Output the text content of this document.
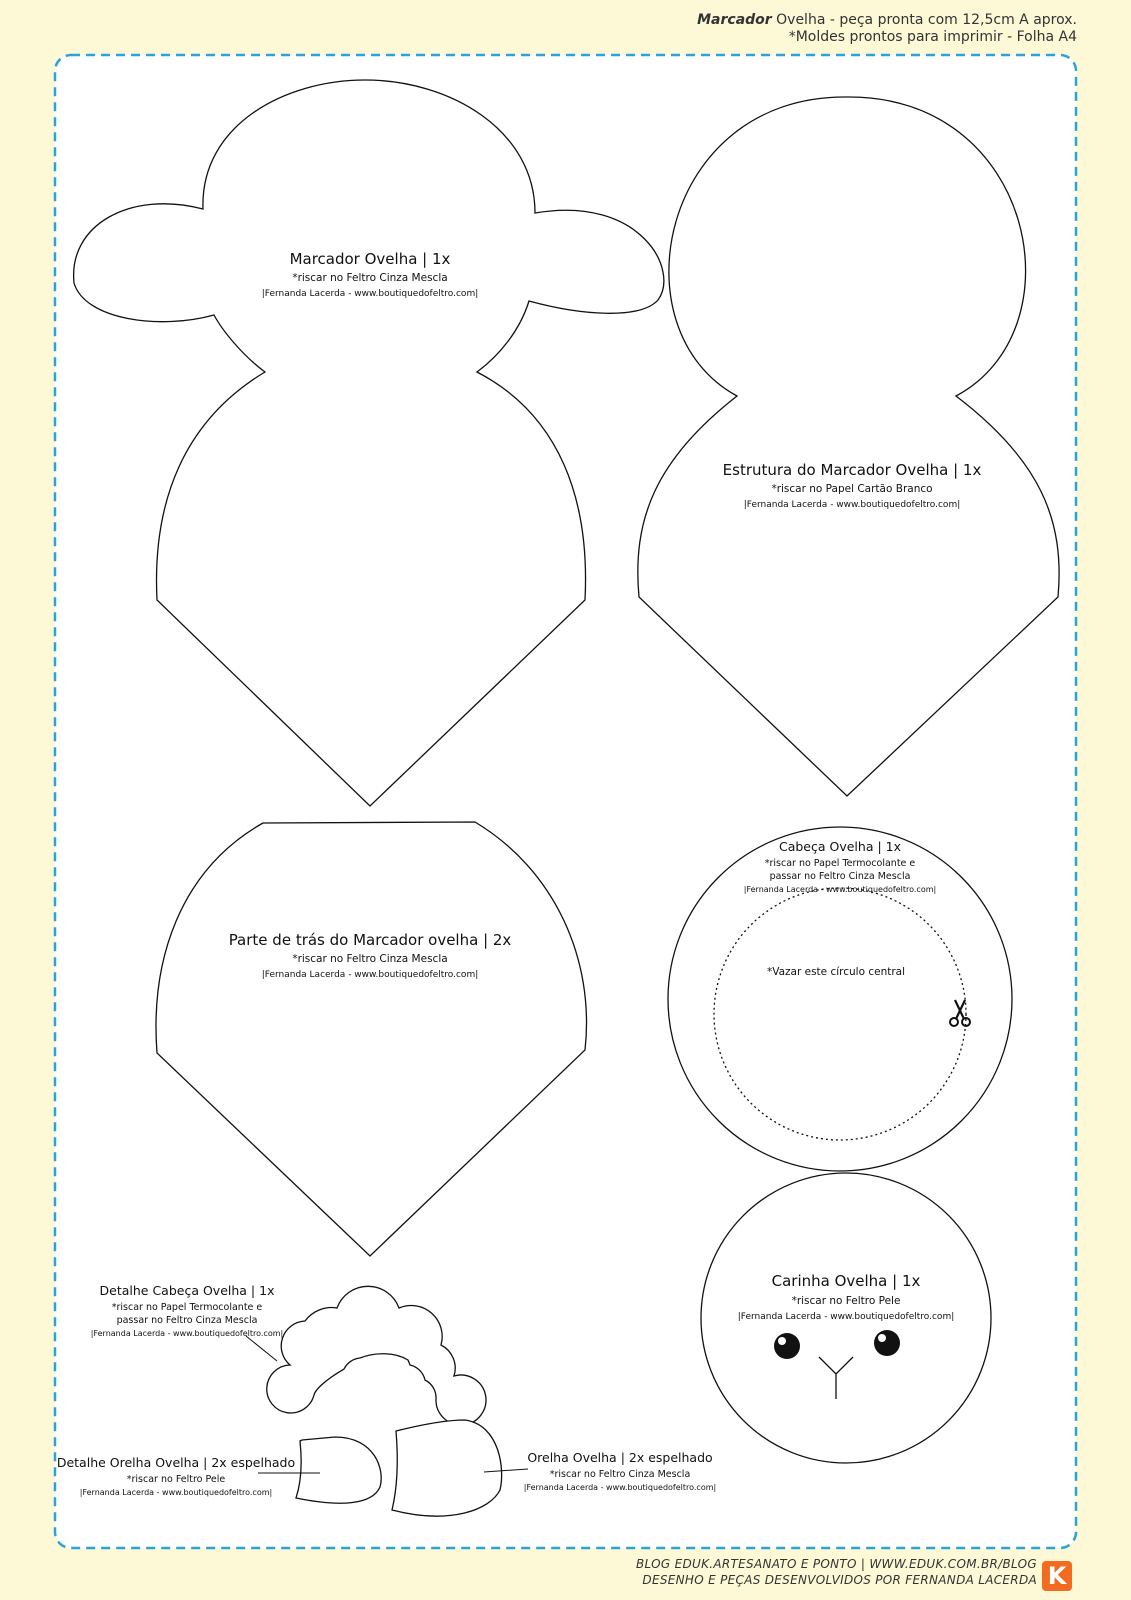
Marcador Ovelha - peça pronta com 12,5cm A aprox.
*Moldes prontos para imprimir - Folha A4
Marcador Ovelha | 1x
*riscar no Feltro Cinza Mescla
|Fernanda Lacerda - www.boutiquedofeltro.com|
Estrutura do Marcador Ovelha | 1x
*riscar no Papel Cartão Branco
|Fernanda Lacerda - www.boutiquedofeltro.com|
Parte de trás do Marcador ovelha | 2x
*riscar no Feltro Cinza Mescla
|Fernanda Lacerda - www.boutiquedofeltro.com|
Cabeça Ovelha | 1x
*riscar no Papel Termocolante e
passar no Feltro Cinza Mescla
|Fernanda Lacerda - www.boutiquedofeltro.com|
*Vazar este círculo central
Carinha Ovelha | 1x
*riscar no Feltro Pele
|Fernanda Lacerda - www.boutiquedofeltro.com|
Detalhe Cabeça Ovelha | 1x
*riscar no Papel Termocolante e
passar no Feltro Cinza Mescla
|Fernanda Lacerda - www.boutiquedofeltro.com|
Detalhe Orelha Ovelha | 2x espelhado
*riscar no Feltro Pele
|Fernanda Lacerda - www.boutiquedofeltro.com|
Orelha Ovelha | 2x espelhado
*riscar no Feltro Cinza Mescla
|Fernanda Lacerda - www.boutiquedofeltro.com|
BLOG EDUK.ARTESANATO E PONTO | WWW.EDUK.COM.BR/BLOG
DESENHO E PEÇAS DESENVOLVIDOS POR FERNANDA LACERDA K
